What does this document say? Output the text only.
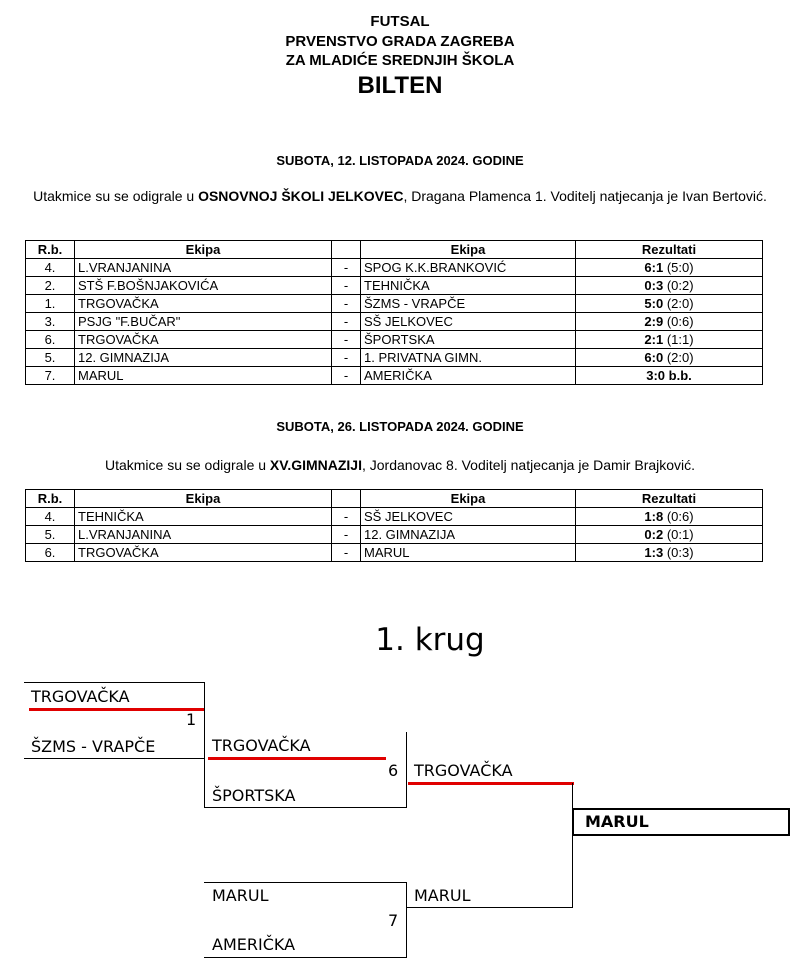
FUTSAL
PRVENSTVO GRADA ZAGREBA
ZA MLADIĆE SREDNJIH ŠKOLA
BILTEN
SUBOTA, 12. LISTOPADA 2024. GODINE
Utakmice su se odigrale u OSNOVNOJ ŠKOLI JELKOVEC, Dragana Plamenca 1. Voditelj natjecanja je Ivan Bertović.
R.b.	Ekipa		Ekipa	Rezultati
4.	L.VRANJANINA	-	SPOG K.K.BRANKOVIĆ	6:1 (5:0)
2.	STŠ F.BOŠNJAKOVIĆA	-	TEHNIČKA	0:3 (0:2)
1.	TRGOVAČKA	-	ŠZMS - VRAPČE	5:0 (2:0)
3.	PSJG "F.BUČAR"	-	SŠ JELKOVEC	2:9 (0:6)
6.	TRGOVAČKA	-	ŠPORTSKA	2:1 (1:1)
5.	12. GIMNAZIJA	-	1. PRIVATNA GIMN.	6:0 (2:0)
7.	MARUL	-	AMERIČKA	3:0 b.b.
SUBOTA, 26. LISTOPADA 2024. GODINE
Utakmice su se odigrale u XV.GIMNAZIJI, Jordanovac 8. Voditelj natjecanja je Damir Brajković.
R.b.	Ekipa		Ekipa	Rezultati
4.	TEHNIČKA	-	SŠ JELKOVEC	1:8 (0:6)
5.	L.VRANJANINA	-	12. GIMNAZIJA	0:2 (0:1)
6.	TRGOVAČKA	-	MARUL	1:3 (0:3)
1. krug
TRGOVAČKA
1
ŠZMS - VRAPČE	TRGOVAČKA
6
ŠPORTSKA
TRGOVAČKA
MARUL
7
AMERIČKA
MARUL
MARUL
